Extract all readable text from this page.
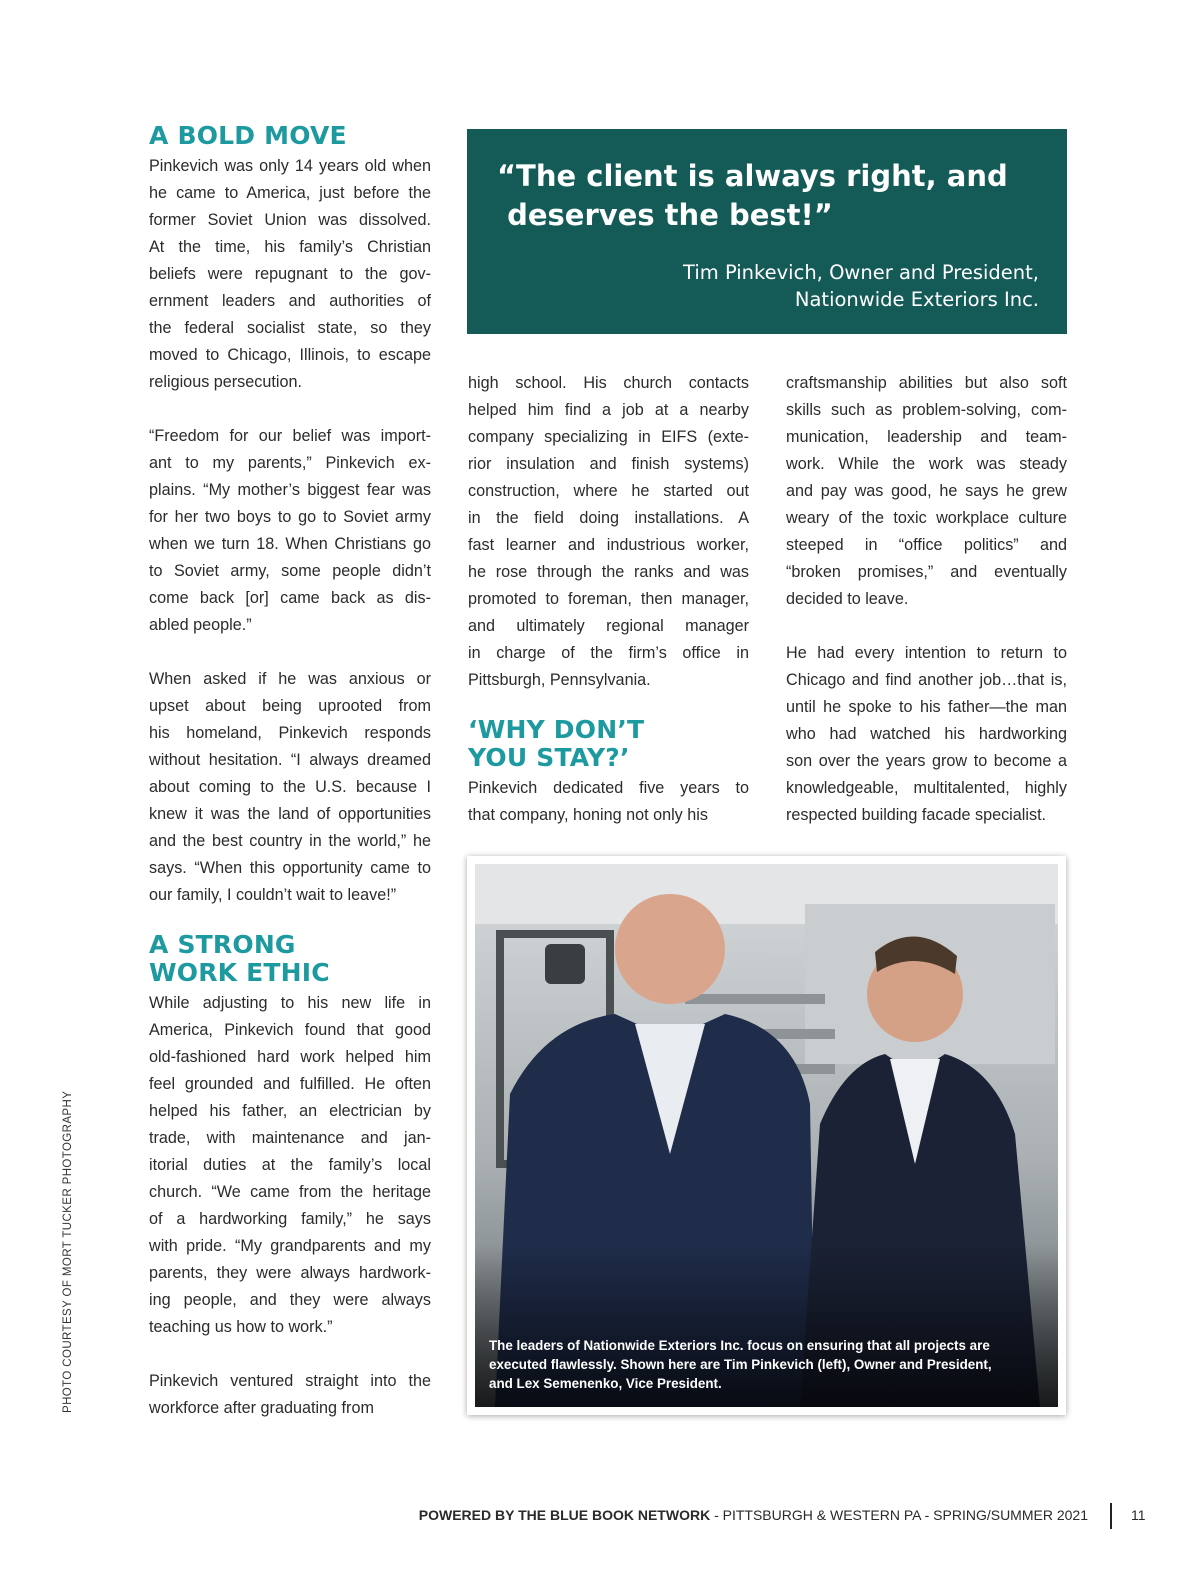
A BOLD MOVE

Pinkevich was only 14 years old when
he came to America, just before the
former Soviet Union was dissolved.
At the time, his family’s Christian
beliefs were repugnant to the gov-
ernment leaders and authorities of
the federal socialist state, so they
moved to Chicago, Illinois, to escape
religious persecution.

“Freedom for our belief was import-
ant to my parents,” Pinkevich ex-
plains. “My mother’s biggest fear was
for her two boys to go to Soviet army
when we turn 18. When Christians go
to Soviet army, some people didn’t
come back [or] came back as dis-
abled people.”

When asked if he was anxious or
upset about being uprooted from
his homeland, Pinkevich responds
without hesitation. “I always dreamed
about coming to the U.S. because I
knew it was the land of opportunities
and the best country in the world,” he
says. “When this opportunity came to
our family, I couldn’t wait to leave!”

A STRONG
WORK ETHIC

While adjusting to his new life in
America, Pinkevich found that good
old-fashioned hard work helped him
feel grounded and fulfilled. He often
helped his father, an electrician by
trade, with maintenance and jan-
itorial duties at the family’s local
church. “We came from the heritage
of a hardworking family,” he says
with pride. “My grandparents and my
parents, they were always hardwork-
ing people, and they were always
teaching us how to work.”

Pinkevich ventured straight into the
workforce after graduating from

“The client is always right, and
deserves the best!”
Tim Pinkevich, Owner and President,
Nationwide Exteriors Inc.

high school. His church contacts
helped him find a job at a nearby
company specializing in EIFS (exte-
rior insulation and finish systems)
construction, where he started out
in the field doing installations. A
fast learner and industrious worker,
he rose through the ranks and was
promoted to foreman, then manager,
and ultimately regional manager
in charge of the firm’s office in
Pittsburgh, Pennsylvania.

‘WHY DON’T
YOU STAY?’

Pinkevich dedicated five years to
that company, honing not only his

craftsmanship abilities but also soft
skills such as problem-solving, com-
munication, leadership and team-
work. While the work was steady
and pay was good, he says he grew
weary of the toxic workplace culture
steeped in “office politics” and
“broken promises,” and eventually
decided to leave.

He had every intention to return to
Chicago and find another job…that is,
until he spoke to his father—the man
who had watched his hardworking
son over the years grow to become a
knowledgeable, multitalented, highly
respected building facade specialist.

The leaders of Nationwide Exteriors Inc. focus on ensuring that all projects are
executed flawlessly. Shown here are Tim Pinkevich (left), Owner and President,
and Lex Semenenko, Vice President.
PHOTO COURTESY OF MORT TUCKER PHOTOGRAPHY
POWERED BY THE BLUE BOOK NETWORK - PITTSBURGH & WESTERN PA - SPRING/SUMMER 2021	11
